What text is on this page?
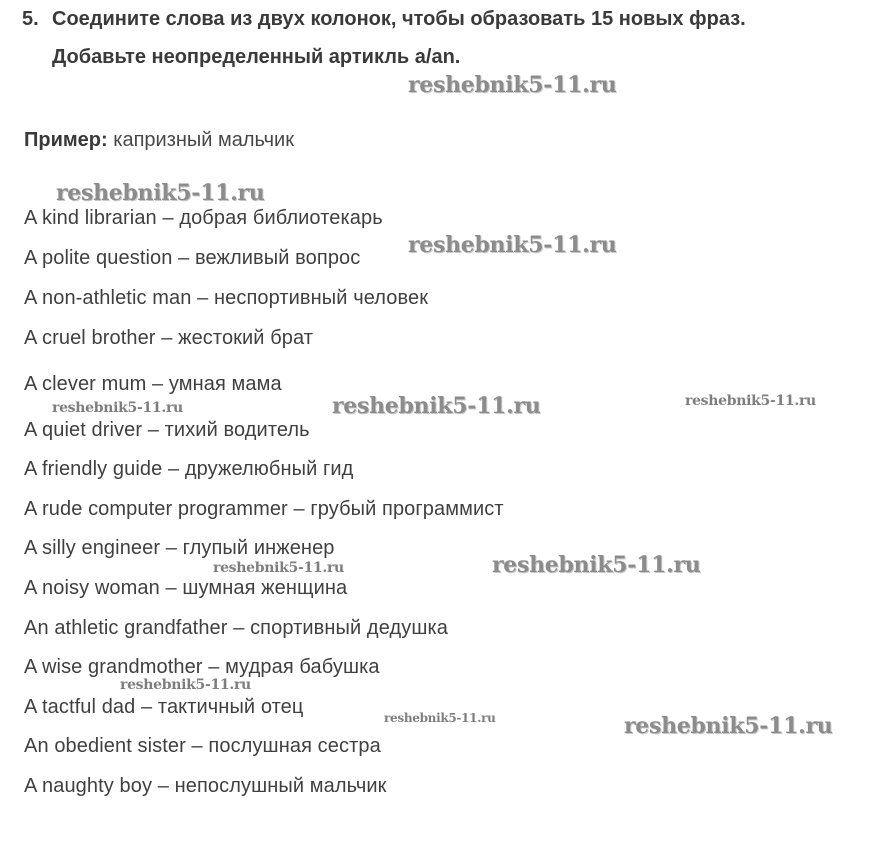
5. Соедините слова из двух колонок, чтобы образовать 15 новых фраз.
Добавьте неопределенный артикль a/an.
Пример: капризный мальчик
A kind librarian – добрая библиотекарь
A polite question – вежливый вопрос
A non-athletic man – неспортивный человек
A cruel brother – жестокий брат
A clever mum – умная мама
A quiet driver – тихий водитель
A friendly guide – дружелюбный гид
A rude computer programmer – грубый программист
A silly engineer – глупый инженер
A noisy woman – шумная женщина
An athletic grandfather – спортивный дедушка
A wise grandmother – мудрая бабушка
A tactful dad – тактичный отец
An obedient sister – послушная сестра
A naughty boy – непослушный мальчик
reshebnik5-11.ru
reshebnik5-11.ru
reshebnik5-11.ru
reshebnik5-11.ru	reshebnik5-11.ru	reshebnik5-11.ru
reshebnik5-11.ru	reshebnik5-11.ru
reshebnik5-11.ru
reshebnik5-11.ru	reshebnik5-11.ru
